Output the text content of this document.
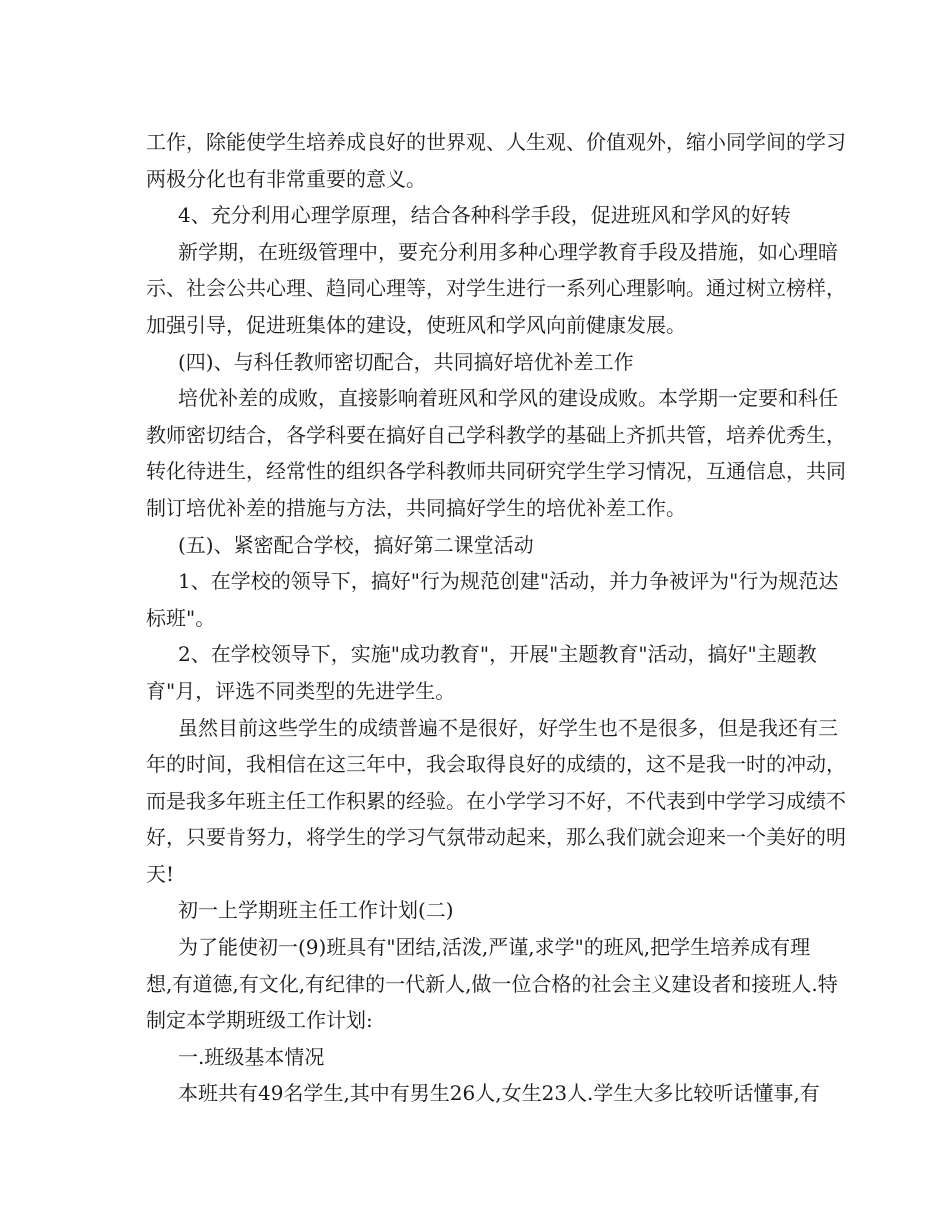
工作，除能使学生培养成良好的世界观、人生观、价值观外，缩小同学间的学习

两极分化也有非常重要的意义。

4、充分利用心理学原理，结合各种科学手段，促进班风和学风的好转

新学期，在班级管理中，要充分利用多种心理学教育手段及措施，如心理暗

示、社会公共心理、趋同心理等，对学生进行一系列心理影响。通过树立榜样，

加强引导，促进班集体的建设，使班风和学风向前健康发展。

(四)、与科任教师密切配合，共同搞好培优补差工作

培优补差的成败，直接影响着班风和学风的建设成败。本学期一定要和科任

教师密切结合，各学科要在搞好自己学科教学的基础上齐抓共管，培养优秀生，

转化待进生，经常性的组织各学科教师共同研究学生学习情况，互通信息，共同

制订培优补差的措施与方法，共同搞好学生的培优补差工作。

(五)、紧密配合学校，搞好第二课堂活动

1、在学校的领导下，搞好"行为规范创建"活动，并力争被评为"行为规范达

标班"。

2、在学校领导下，实施"成功教育"，开展"主题教育"活动，搞好"主题教

育"月，评选不同类型的先进学生。

虽然目前这些学生的成绩普遍不是很好，好学生也不是很多，但是我还有三

年的时间，我相信在这三年中，我会取得良好的成绩的，这不是我一时的冲动，

而是我多年班主任工作积累的经验。在小学学习不好，不代表到中学学习成绩不

好，只要肯努力，将学生的学习气氛带动起来，那么我们就会迎来一个美好的明

天!

初一上学期班主任工作计划(二)

为了能使初一(9)班具有"团结,活泼,严谨,求学"的班风,把学生培养成有理

想,有道德,有文化,有纪律的一代新人,做一位合格的社会主义建设者和接班人.特

制定本学期班级工作计划:

一.班级基本情况

本班共有49名学生,其中有男生26人,女生23人.学生大多比较听话懂事,有
